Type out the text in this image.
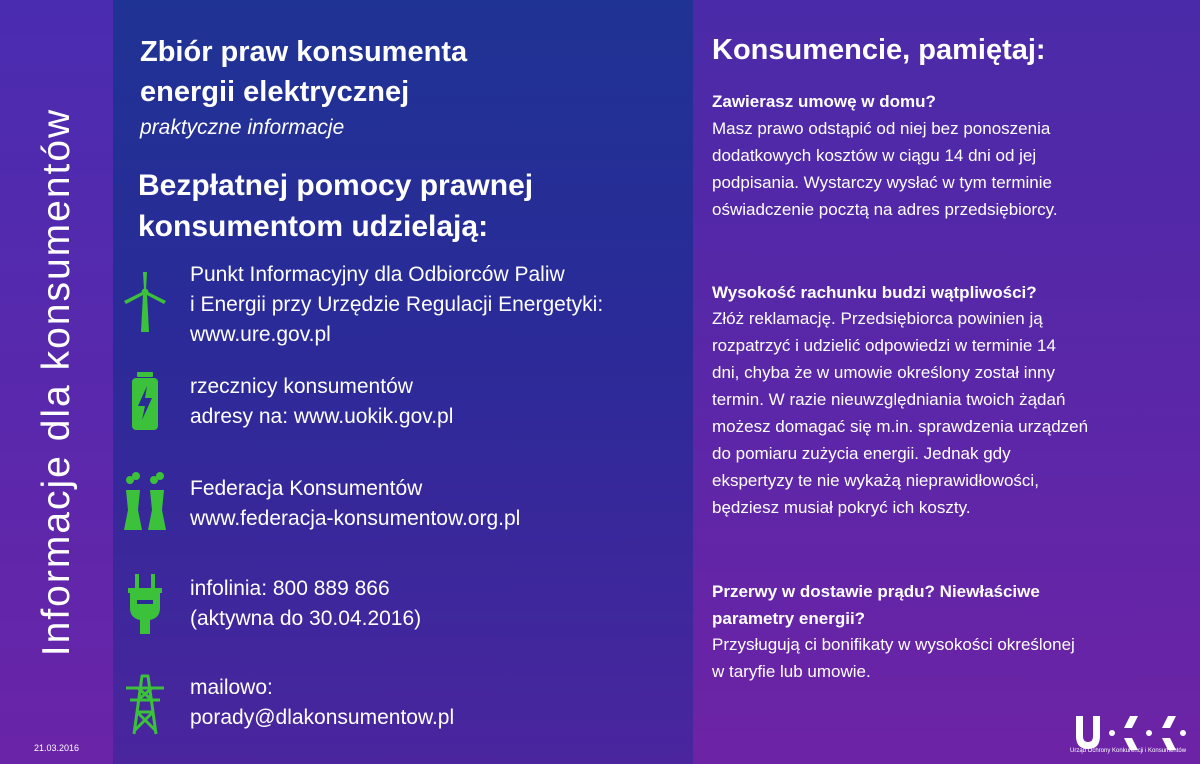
Informacje dla konsumentów
21.03.2016
Zbiór praw konsumenta
energii elektrycznej

praktyczne informacje

Bezpłatnej pomocy prawnej
konsumentom udzielają:
Punkt Informacyjny dla Odbiorców Paliw
i Energii przy Urzędzie Regulacji Energetyki:
www.ure.gov.pl
rzecznicy konsumentów
adresy na: www.uokik.gov.pl
Federacja Konsumentów
www.federacja-konsumentow.org.pl
infolinia: 800 889 866
(aktywna do 30.04.2016)
mailowo:
porady@dlakonsumentow.pl
Konsumencie, pamiętaj:
Zawierasz umowę w domu?
Masz prawo odstąpić od niej bez ponoszenia
dodatkowych kosztów w ciągu 14 dni od jej
podpisania. Wystarczy wysłać w tym terminie
oświadczenie pocztą na adres przedsiębiorcy.
Wysokość rachunku budzi wątpliwości?
Złóż reklamację. Przedsiębiorca powinien ją
rozpatrzyć i udzielić odpowiedzi w terminie 14
dni, chyba że w umowie określony został inny
termin. W razie nieuwzględniania twoich żądań
możesz domagać się m.in. sprawdzenia urządzeń
do pomiaru zużycia energii. Jednak gdy
ekspertyzy te nie wykażą nieprawidłowości,
będziesz musiał pokryć ich koszty.
Przerwy w dostawie prądu? Niewłaściwe
parametry energii?
Przysługują ci bonifikaty w wysokości określonej
w taryfie lub umowie.
Urząd Ochrony Konkurencji i Konsumentów
